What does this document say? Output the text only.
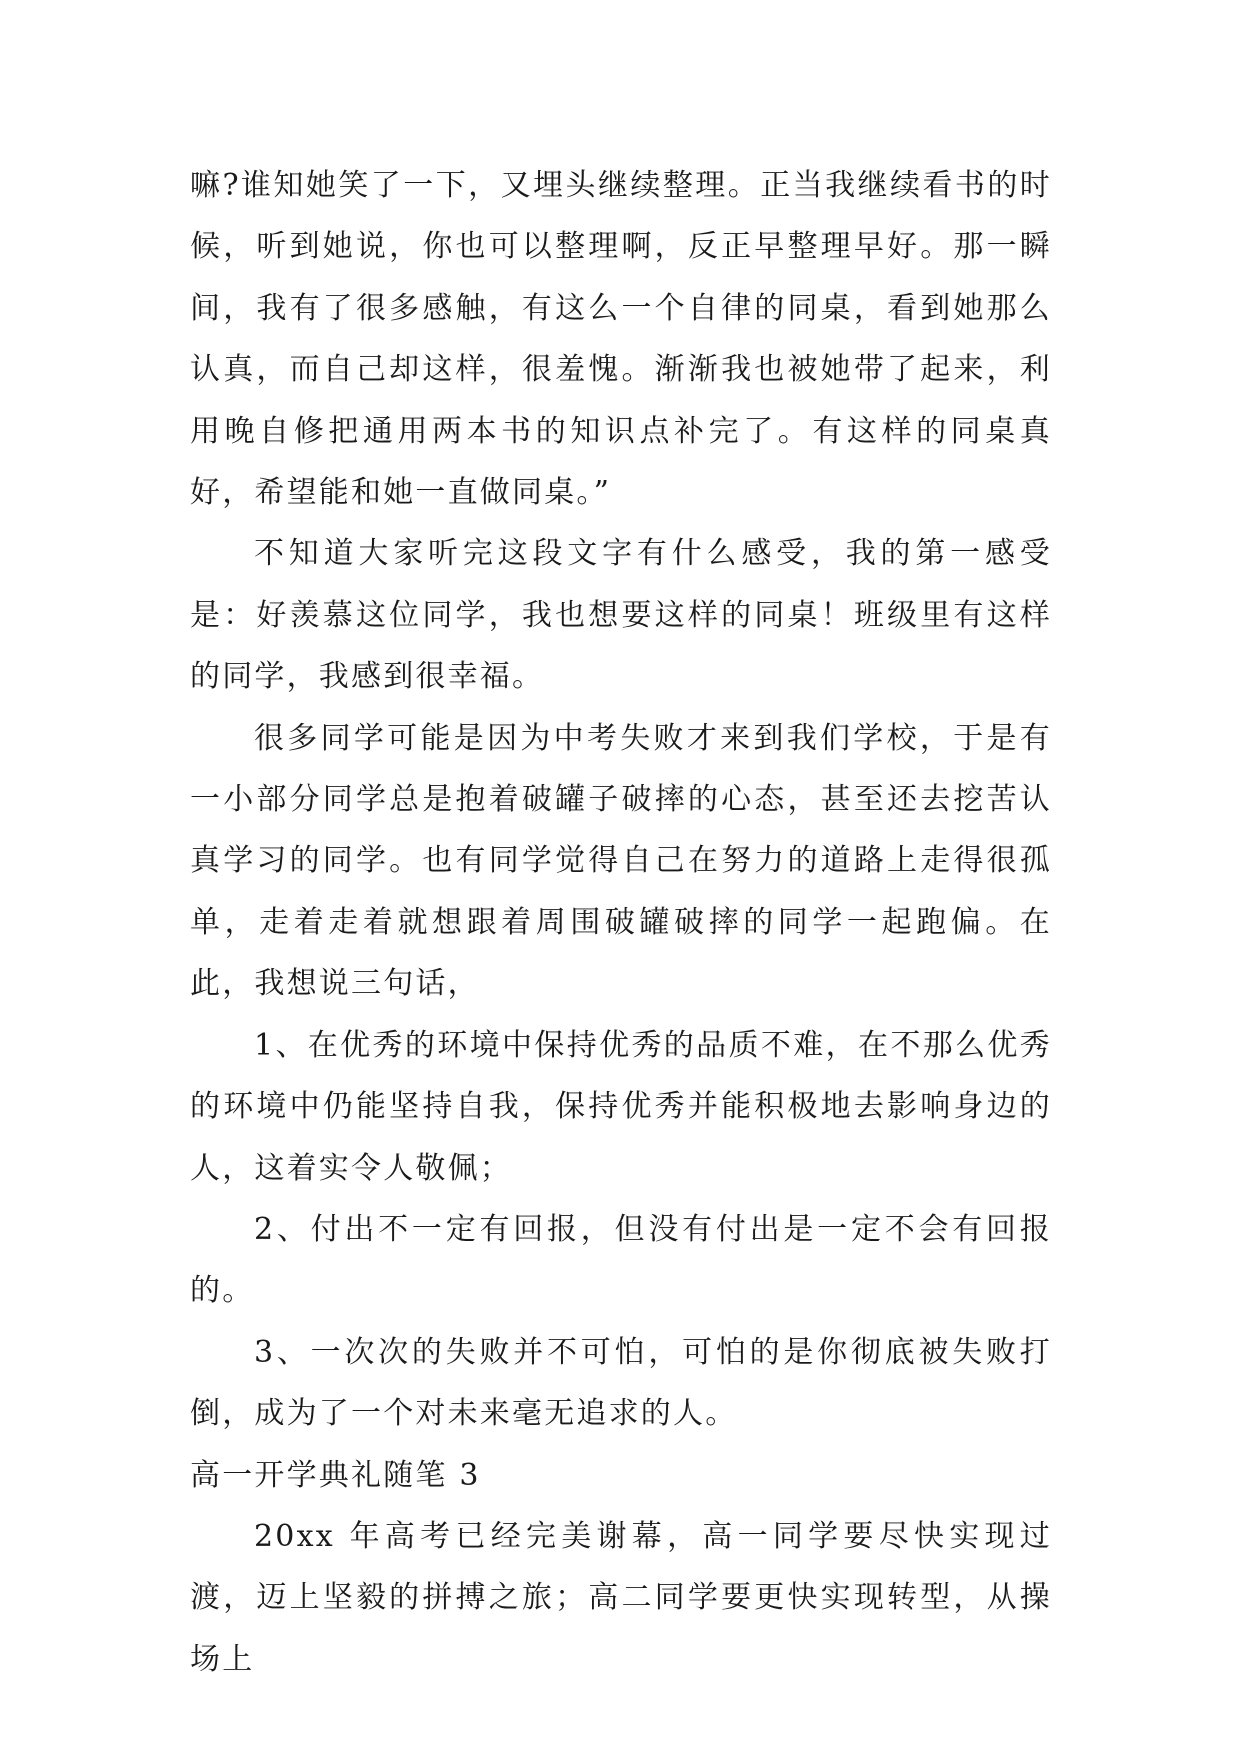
嘛?谁知她笑了一下，又埋头继续整理。正当我继续看书的时候，听到她说，你也可以整理啊，反正早整理早好。那一瞬间，我有了很多感触，有这么一个自律的同桌，看到她那么认真，而自己却这样，很羞愧。渐渐我也被她带了起来，利用晚自修把通用两本书的知识点补完了。有这样的同桌真好，希望能和她一直做同桌。”

不知道大家听完这段文字有什么感受，我的第一感受是：好羡慕这位同学，我也想要这样的同桌！班级里有这样的同学，我感到很幸福。

很多同学可能是因为中考失败才来到我们学校，于是有一小部分同学总是抱着破罐子破摔的心态，甚至还去挖苦认真学习的同学。也有同学觉得自己在努力的道路上走得很孤单，走着走着就想跟着周围破罐破摔的同学一起跑偏。在此，我想说三句话，

1、在优秀的环境中保持优秀的品质不难，在不那么优秀的环境中仍能坚持自我，保持优秀并能积极地去影响身边的人，这着实令人敬佩；

2、付出不一定有回报，但没有付出是一定不会有回报的。

3、一次次的失败并不可怕，可怕的是你彻底被失败打倒，成为了一个对未来毫无追求的人。

高一开学典礼随笔 3

20xx 年高考已经完美谢幕，高一同学要尽快实现过渡，迈上坚毅的拼搏之旅；高二同学要更快实现转型，从操场上
